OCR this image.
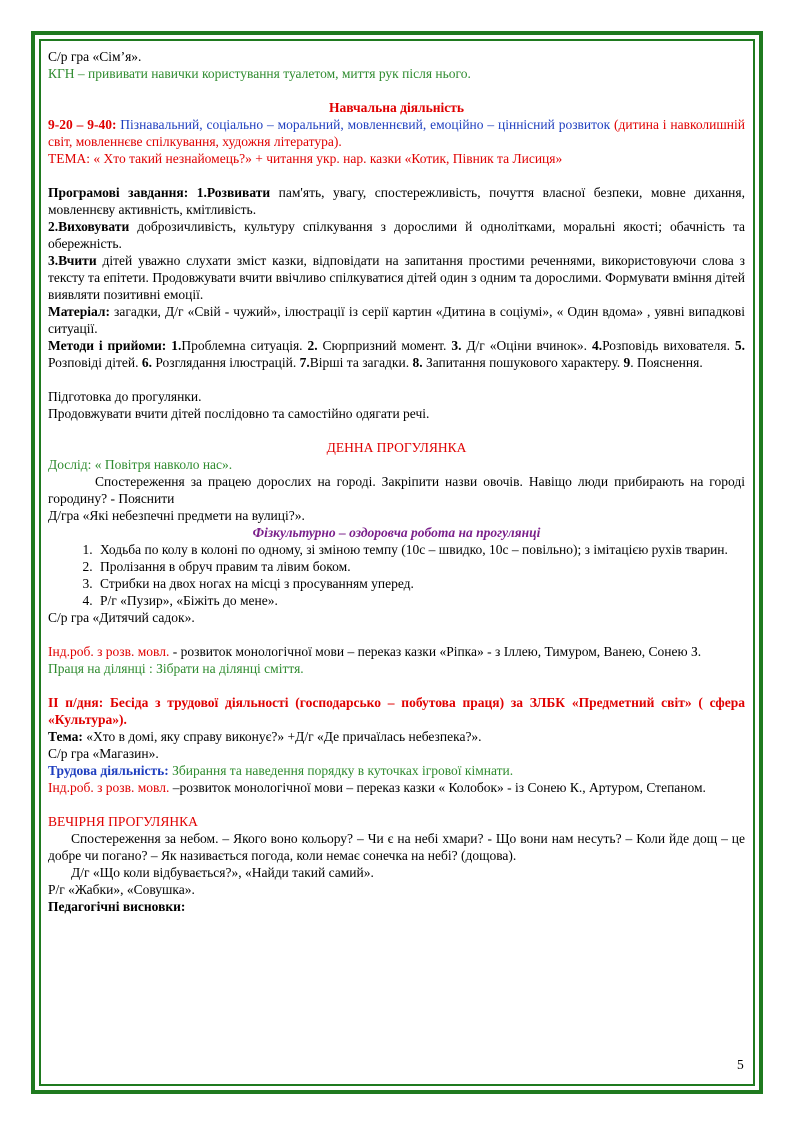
С/р гра «Сім’я».

КГН – прививати навички користування туалетом, миття рук після нього.

Навчальна діяльність

9-20 – 9-40: Пізнавальний, соціально – моральний, мовленнєвий, емоційно – ціннісний розвиток (дитина і навколишній світ, мовленнєве спілкування, художня література).

ТЕМА: « Хто такий незнайомець?» + читання укр. нар. казки «Котик, Півник та Лисиця»

Програмові завдання: 1.Розвивати пам'ять, увагу, спостережливість, почуття власної безпеки, мовне дихання, мовленнєву активність, кмітливість.

2.Виховувати доброзичливість, культуру спілкування з дорослими й однолітками, моральні якості; обачність та обережність.

3.Вчити дітей уважно слухати зміст казки, відповідати на запитання простими реченнями, використовуючи слова з тексту та епітети. Продовжувати вчити ввічливо спілкуватися дітей один з одним та дорослими. Формувати вміння дітей виявляти позитивні емоції.

Матеріал: загадки, Д/г «Свій - чужий», ілюстрації із серії картин «Дитина в соціумі», « Один вдома» , уявні випадкові ситуації.

Методи і прийоми: 1.Проблемна ситуація. 2. Сюрпризний момент. 3. Д/г «Оціни вчинок». 4.Розповідь вихователя. 5. Розповіді дітей. 6. Розглядання ілюстрацій. 7.Вірші та загадки. 8. Запитання пошукового характеру. 9. Пояснення.

Підготовка до прогулянки.

Продовжувати вчити дітей послідовно та самостійно одягати речі.

ДЕННА ПРОГУЛЯНКА

Дослід: « Повітря навколо нас».

Спостереження за працею дорослих на городі. Закріпити назви овочів. Навіщо люди прибирають на городі городину? - Пояснити

Д/гра «Які небезпечні предмети на вулиці?».

Фізкультурно – оздоровча робота на прогулянці

1. Ходьба по колу в колоні по одному, зі зміною темпу (10с – швидко, 10с – повільно); з імітацією рухів тварин.
2. Пролізання в обруч правим та лівим боком.
3. Стрибки на двох ногах на місці з просуванням уперед.
4. Р/г «Пузир», «Біжіть до мене».

С/р гра «Дитячий садок».

Інд.роб. з розв. мовл. - розвиток монологічної мови – переказ казки «Ріпка» - з Іллею, Тимуром, Ванею, Сонею З.

Праця на ділянці : Зібрати на ділянці сміття.

ІІ п/дня: Бесіда з трудової діяльності (господарсько – побутова праця) за ЗЛБК «Предметний світ» ( сфера «Культура»).

Тема: «Хто в домі, яку справу виконує?» +Д/г «Де причаїлась небезпека?».

С/р гра «Магазин».

Трудова діяльність: Збирання та наведення порядку в куточках ігрової кімнати.

Інд.роб. з розв. мовл. –розвиток монологічної мови – переказ казки « Колобок» - із Сонею К., Артуром, Степаном.

ВЕЧІРНЯ ПРОГУЛЯНКА

Спостереження за небом. – Якого воно кольору? – Чи є на небі хмари? - Що вони нам несуть? – Коли йде дощ – це добре чи погано? – Як називається погода, коли немає сонечка на небі? (дощова).

Д/г «Що коли відбувається?», «Найди такий самий».

Р/г «Жабки», «Совушка».

Педагогічні висновки:

5
